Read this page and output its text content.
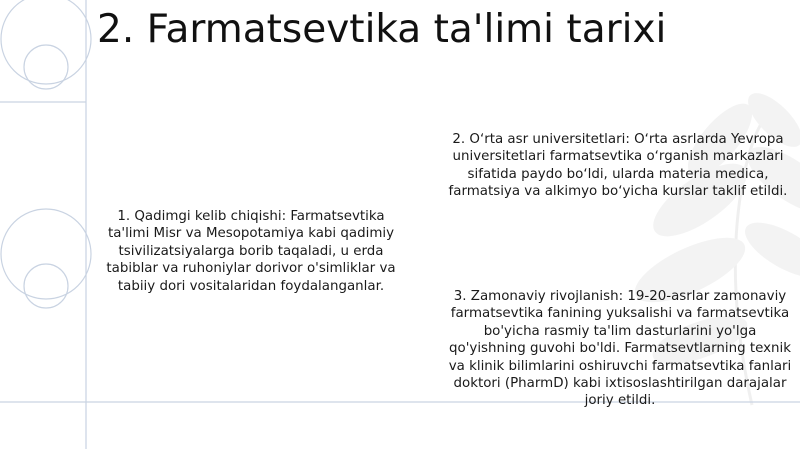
2. Farmatsevtika ta'limi tarixi

1. Qadimgi kelib chiqishi: Farmatsevtika ta'limi Misr va Mesopotamiya kabi qadimiy tsivilizatsiyalarga borib taqaladi, u erda tabiblar va ruhoniylar dorivor o'simliklar va tabiiy dori vositalaridan foydalanganlar.

2. Oʻrta asr universitetlari: Oʻrta asrlarda Yevropa universitetlari farmatsevtika oʻrganish markazlari sifatida paydo boʻldi, ularda materia medica, farmatsiya va alkimyo boʻyicha kurslar taklif etildi.

3. Zamonaviy rivojlanish: 19-20-asrlar zamonaviy farmatsevtika fanining yuksalishi va farmatsevtika bo'yicha rasmiy ta'lim dasturlarini yo'lga qo'yishning guvohi bo'ldi. Farmatsevtlarning texnik va klinik bilimlarini oshiruvchi farmatsevtika fanlari doktori (PharmD) kabi ixtisoslashtirilgan darajalar joriy etildi.
